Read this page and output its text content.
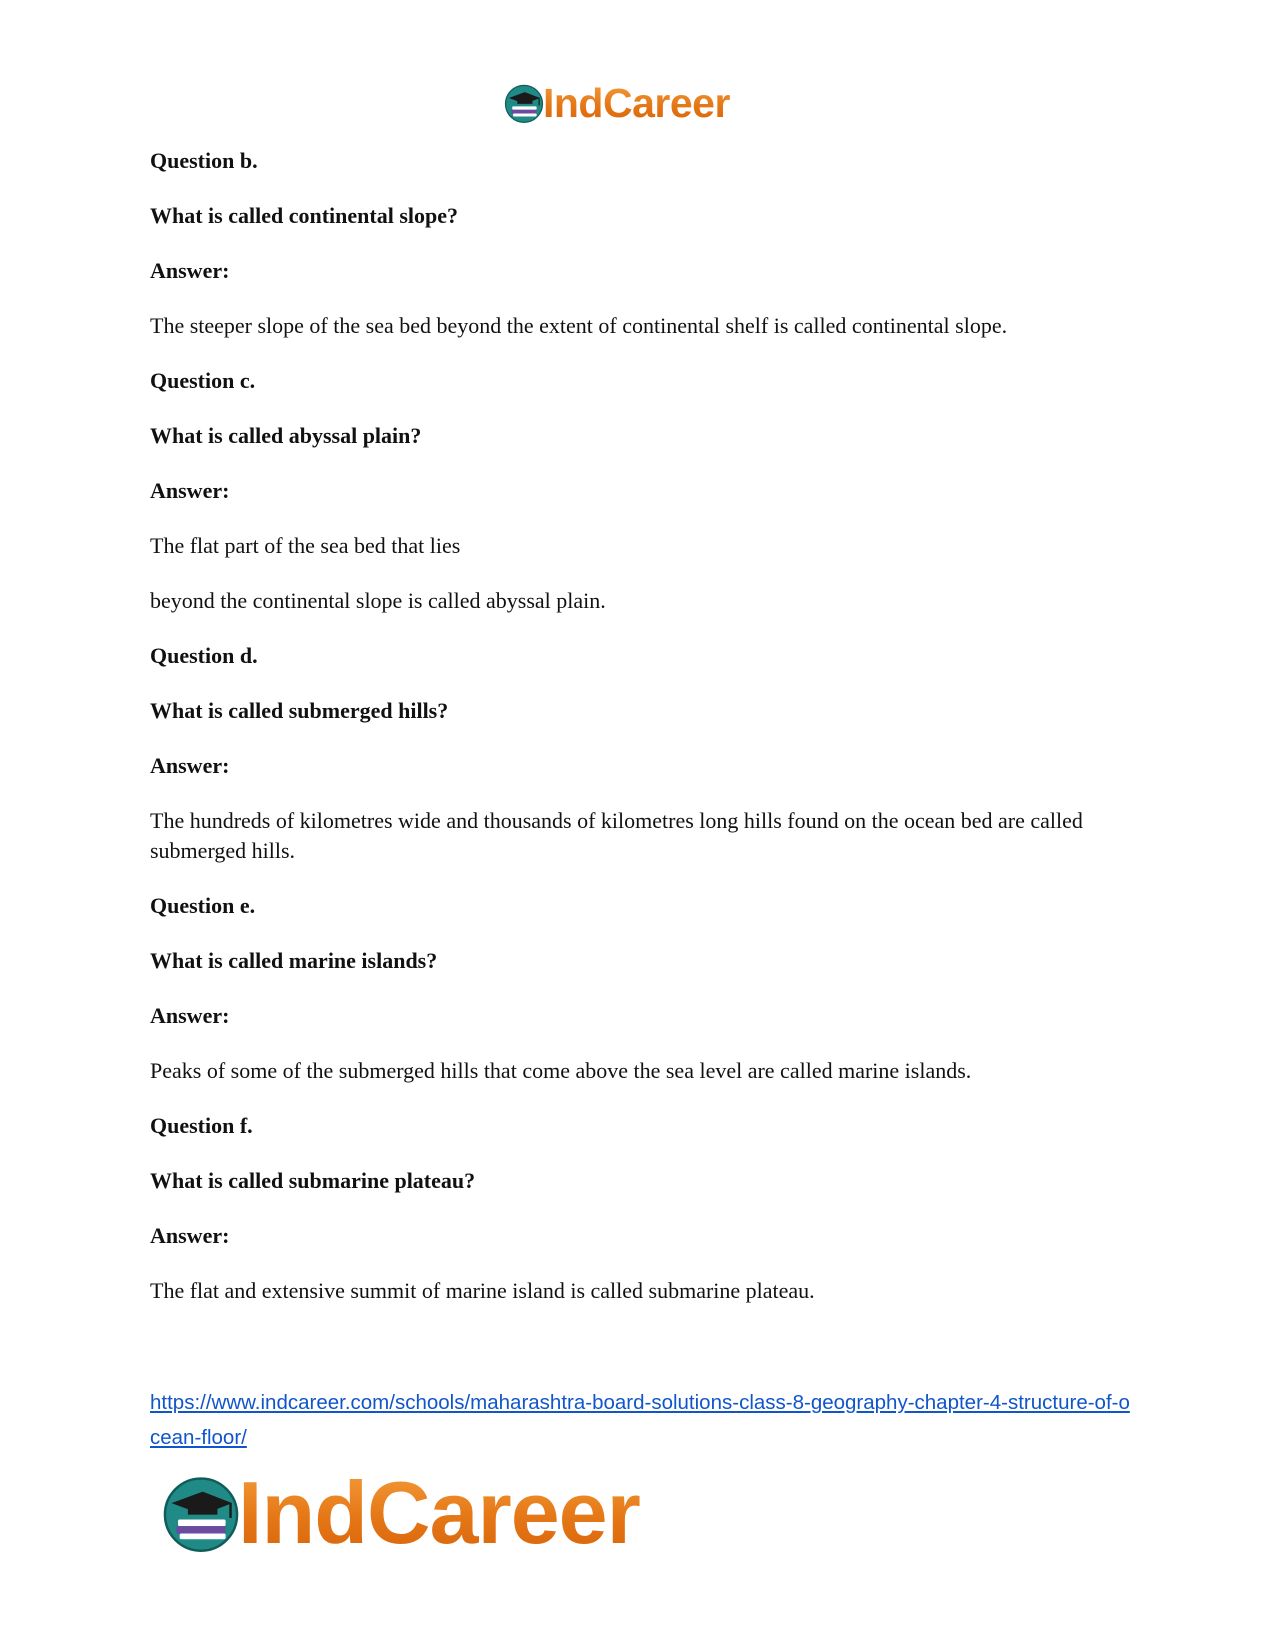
IndCareer

Question b.

What is called continental slope?

Answer:

The steeper slope of the sea bed beyond the extent of continental shelf is called continental slope.

Question c.

What is called abyssal plain?

Answer:

The flat part of the sea bed that lies

beyond the continental slope is called abyssal plain.

Question d.

What is called submerged hills?

Answer:

The hundreds of kilometres wide and thousands of kilometres long hills found on the ocean bed are called submerged hills.

Question e.

What is called marine islands?

Answer:

Peaks of some of the submerged hills that come above the sea level are called marine islands.

Question f.

What is called submarine plateau?

Answer:

The flat and extensive summit of marine island is called submarine plateau.

https://www.indcareer.com/schools/maharashtra-board-solutions-class-8-geography-chapter-4-structure-of-ocean-floor/
IndCareer
